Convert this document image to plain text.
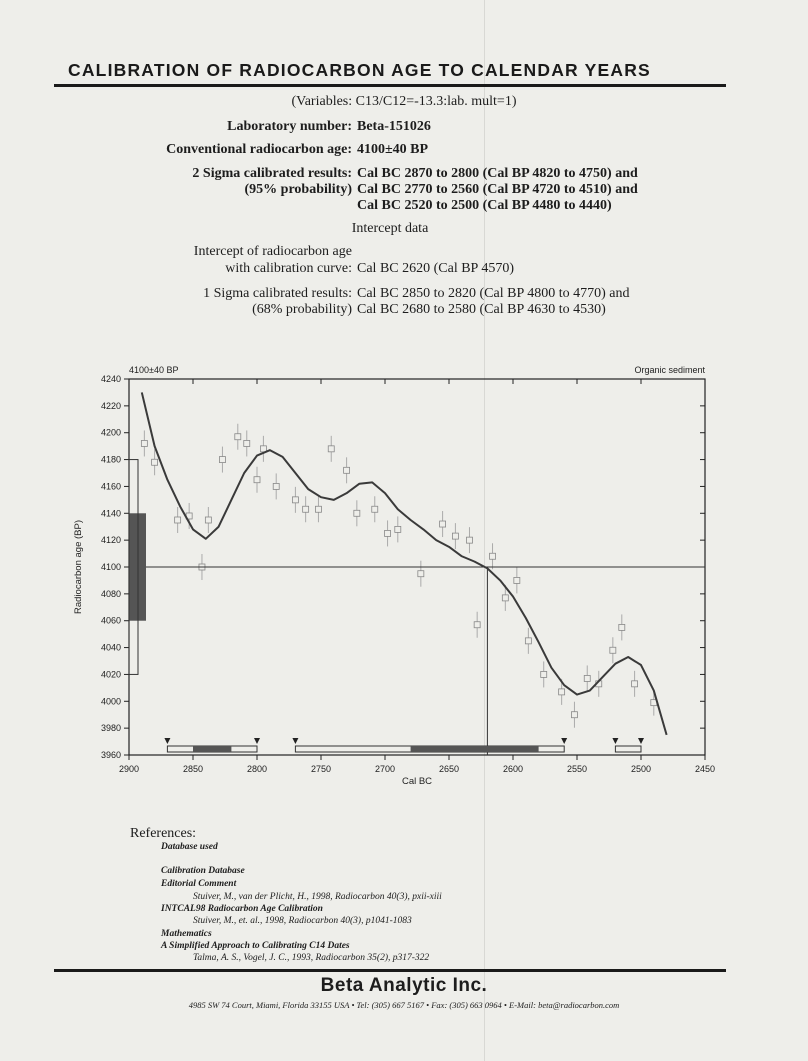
CALIBRATION OF RADIOCARBON AGE TO CALENDAR YEARS
(Variables: C13/C12=-13.3:lab. mult=1)
Laboratory number: Beta-151026
Conventional radiocarbon age: 4100±40 BP
2 Sigma calibrated results:
(95% probability)
Cal BC 2870 to 2800 (Cal BP 4820 to 4750) and
Cal BC 2770 to 2560 (Cal BP 4720 to 4510) and
Cal BC 2520 to 2500 (Cal BP 4480 to 4440)
Intercept data
Intercept of radiocarbon age
with calibration curve: Cal BC 2620 (Cal BP 4570)
1 Sigma calibrated results:
(68% probability)
Cal BC 2850 to 2820 (Cal BP 4800 to 4770) and
Cal BC 2680 to 2580 (Cal BP 4630 to 4530)
2900	2850	2800	2750	2700	2650	2600	2550	2500	2450
3960
3980
4000
4020
4040
4060
4080
4100
4120
4140
4160
4180
4200
4220
4240
4100±40 BP	Organic sediment
Cal BC
Radiocarbon age (BP)
References:
Database used
Calibration Database
Editorial Comment
Stuiver, M., van der Plicht, H., 1998, Radiocarbon 40(3), pxii-xiii
INTCAL98 Radiocarbon Age Calibration
Stuiver, M., et. al., 1998, Radiocarbon 40(3), p1041-1083
Mathematics
A Simplified Approach to Calibrating C14 Dates
Talma, A. S., Vogel, J. C., 1993, Radiocarbon 35(2), p317-322
Beta Analytic Inc.
4985 SW 74 Court, Miami, Florida 33155 USA • Tel: (305) 667 5167 • Fax: (305) 663 0964 • E-Mail: beta@radiocarbon.com
